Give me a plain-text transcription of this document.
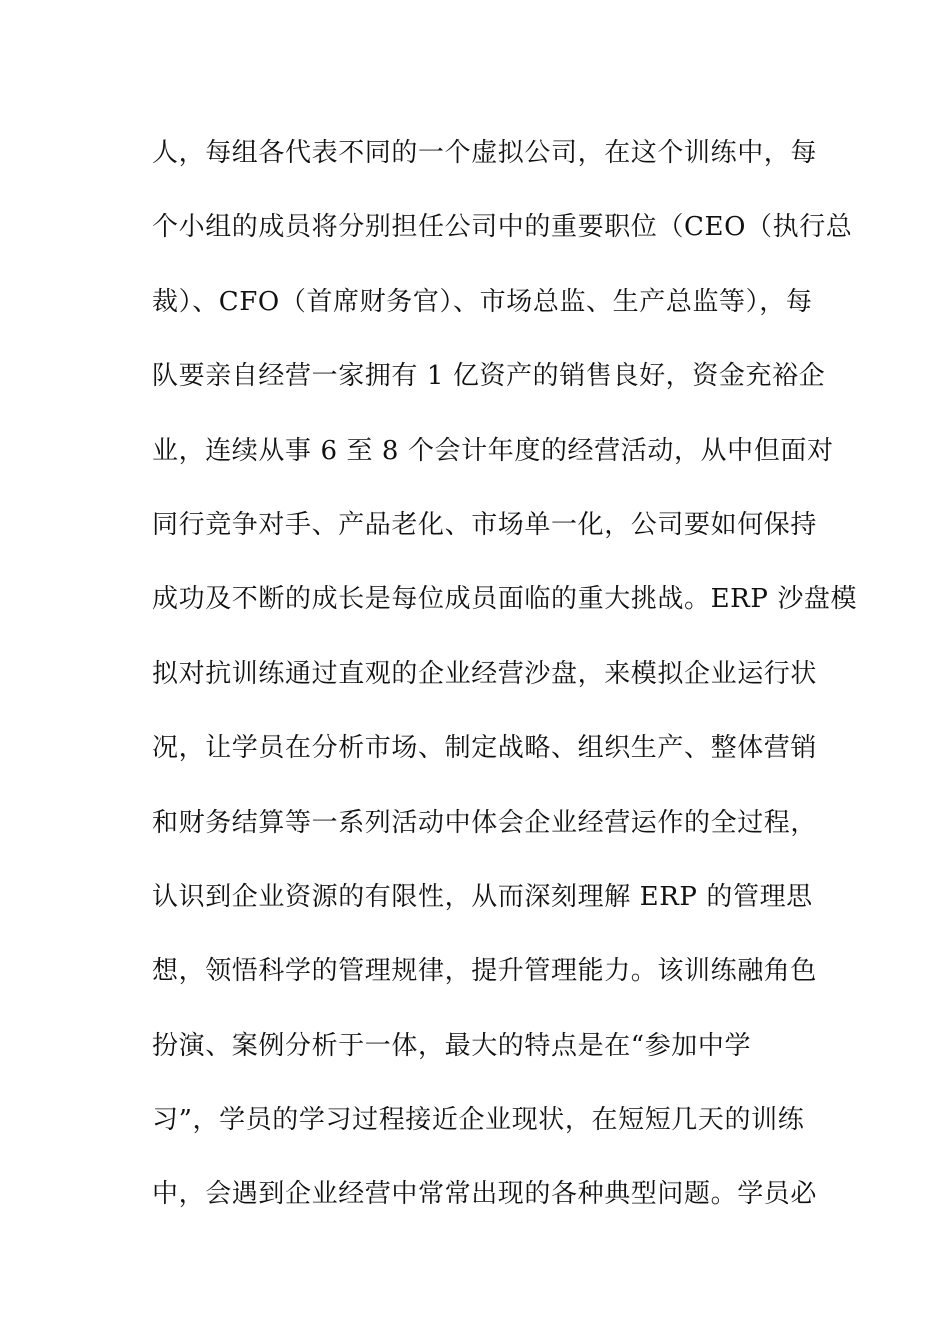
人，每组各代表不同的一个虚拟公司，在这个训练中，每
个小组的成员将分别担任公司中的重要职位（CEO（执行总
裁）、CFO（首席财务官）、市场总监、生产总监等），每
队要亲自经营一家拥有 1 亿资产的销售良好，资金充裕企
业，连续从事 6 至 8 个会计年度的经营活动，从中但面对
同行竞争对手、产品老化、市场单一化，公司要如何保持
成功及不断的成长是每位成员面临的重大挑战。ERP 沙盘模
拟对抗训练通过直观的企业经营沙盘，来模拟企业运行状
况，让学员在分析市场、制定战略、组织生产、整体营销
和财务结算等一系列活动中体会企业经营运作的全过程，
认识到企业资源的有限性，从而深刻理解 ERP 的管理思
想，领悟科学的管理规律，提升管理能力。该训练融角色
扮演、案例分析于一体，最大的特点是在“参加中学
习”，学员的学习过程接近企业现状，在短短几天的训练
中，会遇到企业经营中常常出现的各种典型问题。学员必
